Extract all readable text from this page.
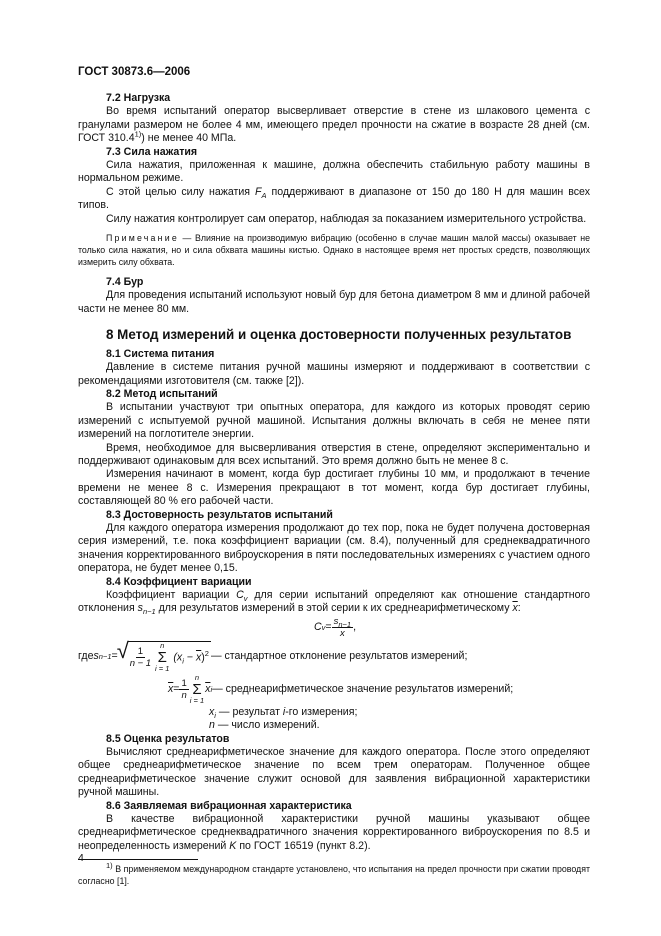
ГОСТ 30873.6—2006
7.2 Нагрузка

Во время испытаний оператор высверливает отверстие в стене из шлакового цемента с гранулами размером не более 4 мм, имеющего предел прочности на сжатие в возрасте 28 дней (см. ГОСТ 310.4$^{1)}$) не менее 40 МПа.

7.3 Сила нажатия

Сила нажатия, приложенная к машине, должна обеспечить стабильную работу машины в нормальном режиме.

С этой целью силу нажатия $F_A$ поддерживают в диапазоне от 150 до 180 Н для машин всех типов.

Силу нажатия контролирует сам оператор, наблюдая за показанием измерительного устройства.

Примечание — Влияние на производимую вибрацию (особенно в случае машин малой массы) оказывает не только сила нажатия, но и сила обхвата машины кистью. Однако в настоящее время нет простых средств, позволяющих измерить силу обхвата.

7.4 Бур

Для проведения испытаний используют новый бур для бетона диаметром 8 мм и длиной рабочей части не менее 80 мм.

8 Метод измерений и оценка достоверности полученных результатов
8.1 Система питания

Давление в системе питания ручной машины измеряют и поддерживают в соответствии с рекомендациями изготовителя (см. также [2]).

8.2 Метод испытаний

В испытании участвуют три опытных оператора, для каждого из которых проводят серию измерений с испытуемой ручной машиной. Испытания должны включать в себя не менее пяти измерений на поглотителе энергии.

Время, необходимое для высверливания отверстия в стене, определяют экспериментально и поддерживают одинаковым для всех испытаний. Это время должно быть не менее 8 с.

Измерения начинают в момент, когда бур достигает глубины 10 мм, и продолжают в течение времени не менее 8 с. Измерения прекращают в тот момент, когда бур достигает глубины, составляющей 80 % его рабочей части.

8.3 Достоверность результатов испытаний

Для каждого оператора измерения продолжают до тех пор, пока не будет получена достоверная серия измерений, т.е. пока коэффициент вариации (см. 8.4), полученный для среднеквадратичного значения корректированного виброускорения в пяти последовательных измерениях с участием одного оператора, не будет менее 0,15.

8.4 Коэффициент вариации

Коэффициент вариации $C_v$ для серии испытаний определяют как отношение стандартного отклонения $s_{n-1}$ для результатов измерений в этой серии к их среднеарифметическому $\overline{x}$:

C $v = \frac{s_{n-1}}{x}$ ,
где s n−1 = √ $\frac{1}{n - 1}$

n
Σ
i = 1
$(x_i - \overline{x})^2$ — стандартное отклонение результатов измерений;
$\overline{x} = \frac{1}{n}$
n
Σ
i = 1
$\overline{x}$ i — среднеарифметическое значение результатов измерений;
$x_i$ — результат i-го измерения;
n — число измерений.
8.5 Оценка результатов

Вычисляют среднеарифметическое значение для каждого оператора. После этого определяют общее среднеарифметическое значение по всем трем операторам. Полученное общее среднеарифметическое значение служит основой для заявления вибрационной характеристики ручной машины.

8.6 Заявляемая вибрационная характеристика

В качестве вибрационной характеристики ручной машины указывают общее среднеарифметическое среднеквадратичного значения корректированного виброускорения по 8.5 и неопределенность измерений K по ГОСТ 16519 (пункт 8.2).

$^{1)}$ В применяемом международном стандарте установлено, что испытания на предел прочности при сжатии проводят согласно [1].

4
